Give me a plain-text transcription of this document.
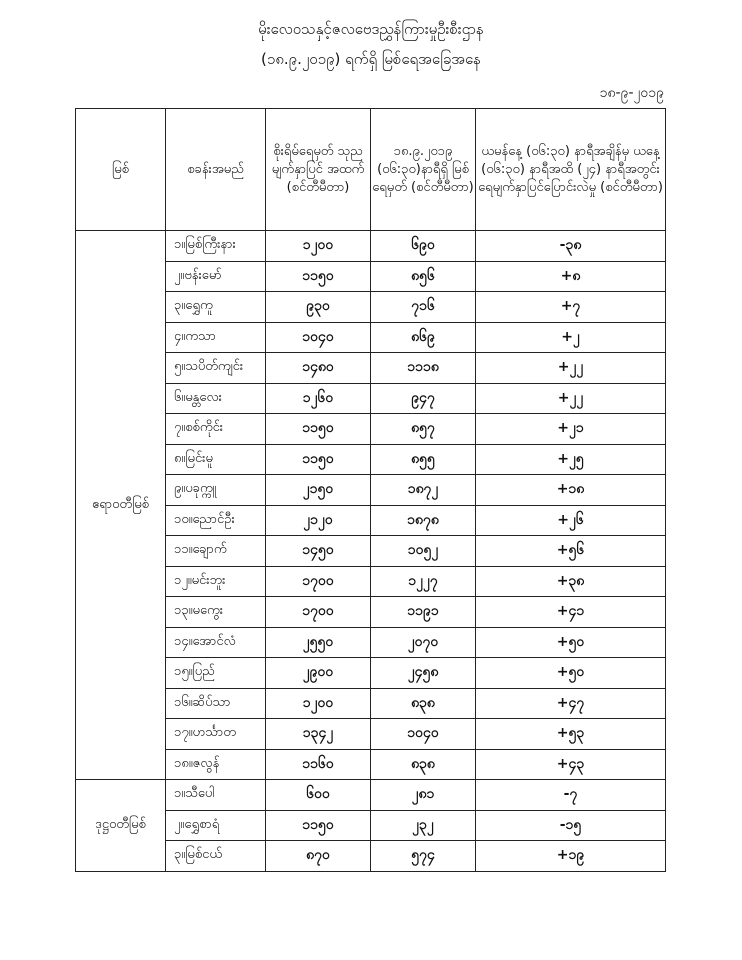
မိုးလေဝသနှင့်ဇလဗေဒညွှန်ကြားမှုဦးစီးဌာန
(၁၈.၉.၂၀၁၉) ရက်ရှိ မြစ်ရေအခြေအနေ
၁၈-၉-၂၀၁၉
မြစ်	စခန်းအမည်	စိုးရိမ်ရေမှတ် သုည မျက်နှာပြင် အထက် (စင်တီမီတာ)	၁၈.၉.၂၀၁၉ (၀၆:၃၀)နာရီရှိ မြစ်ရေမှတ် (စင်တီမီတာ)	ယမန်နေ့ (၀၆:၃၀) နာရီအချိန်မှ ယနေ့ (၀၆:၃၀) နာရီအထိ (၂၄) နာရီအတွင်း ရေမျက်နှာပြင်ပြောင်းလဲမှု (စင်တီမီတာ)
ဧရာဝတီမြစ်	၁။မြစ်ကြီးနား	၁၂၀၀	၆၉၀	-၃၈
	၂။ဗန်းမော်	၁၁၅၀	၈၅၆	+၈
	၃။ရွှေကူ	၉၃၀	၇၁၆	+၇
	၄။ကသာ	၁၀၄၀	၈၆၉	+၂
	၅။သပိတ်ကျင်း	၁၄၈၀	၁၁၁၈	+၂၂
	၆။မန္တလေး	၁၂၆၀	၉၄၇	+၂၂
	၇။စစ်ကိုင်း	၁၁၅၀	၈၅၇	+၂၁
	၈။မြင်းမူ	၁၁၅၀	၈၅၅	+၂၅
	၉။ပခုက္ကူ	၂၁၅၀	၁၈၇၂	+၁၈
	၁၀။ညောင်ဦး	၂၁၂၀	၁၈၇၈	+၂၆
	၁၁။ချောက်	၁၄၅၀	၁၀၅၂	+၅၆
	၁၂။မင်းဘူး	၁၇၀၀	၁၂၂၇	+၃၈
	၁၃။မကွေး	၁၇၀၀	၁၁၉၁	+၄၁
	၁၄။အောင်လံ	၂၅၅၀	၂၀၇၀	+၅၀
	၁၅။ပြည်	၂၉၀၀	၂၄၅၈	+၅၀
	၁၆။ဆိပ်သာ	၁၂၀၀	၈၃၈	+၄၇
	၁၇။ဟင်္သာတ	၁၃၄၂	၁၀၄၀	+၅၃
	၁၈။ဇလွန်	၁၁၆၀	၈၃၈	+၄၃
ဒုဋ္ဌဝတီမြစ်	၁။သီပေါ	၆၀၀	၂၈၁	-၇
	၂။ရွှေစာရံ	၁၁၅၀	၂၃၂	-၁၅
	၃။မြစ်ငယ်	၈၇၀	၅၇၄	+၁၉
